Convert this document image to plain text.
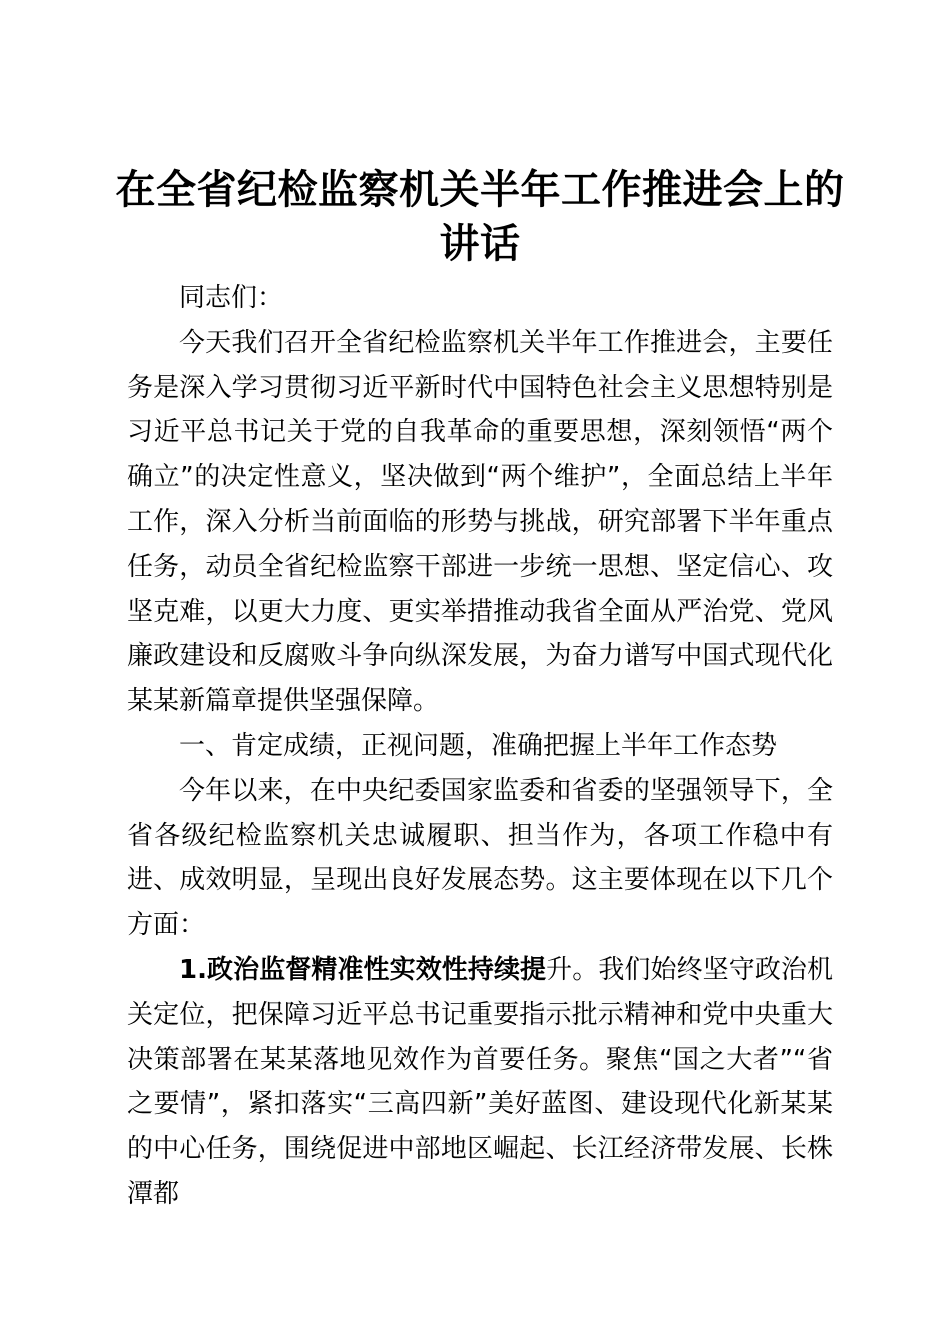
在全省纪检监察机关半年工作推进会上的讲话

同志们：

今天我们召开全省纪检监察机关半年工作推进会，主要任务是深入学习贯彻习近平新时代中国特色社会主义思想特别是习近平总书记关于党的自我革命的重要思想，深刻领悟“两个确立”的决定性意义，坚决做到“两个维护”，全面总结上半年工作，深入分析当前面临的形势与挑战，研究部署下半年重点任务，动员全省纪检监察干部进一步统一思想、坚定信心、攻坚克难，以更大力度、更实举措推动我省全面从严治党、党风廉政建设和反腐败斗争向纵深发展，为奋力谱写中国式现代化某某新篇章提供坚强保障。

一、肯定成绩，正视问题，准确把握上半年工作态势

今年以来，在中央纪委国家监委和省委的坚强领导下，全省各级纪检监察机关忠诚履职、担当作为，各项工作稳中有进、成效明显，呈现出良好发展态势。这主要体现在以下几个方面：

1.政治监督精准性实效性持续提升。我们始终坚守政治机关定位，把保障习近平总书记重要指示批示精神和党中央重大决策部署在某某落地见效作为首要任务。聚焦“国之大者”“省之要情”，紧扣落实“三高四新”美好蓝图、建设现代化新某某的中心任务，围绕促进中部地区崛起、长江经济带发展、长株潭都
